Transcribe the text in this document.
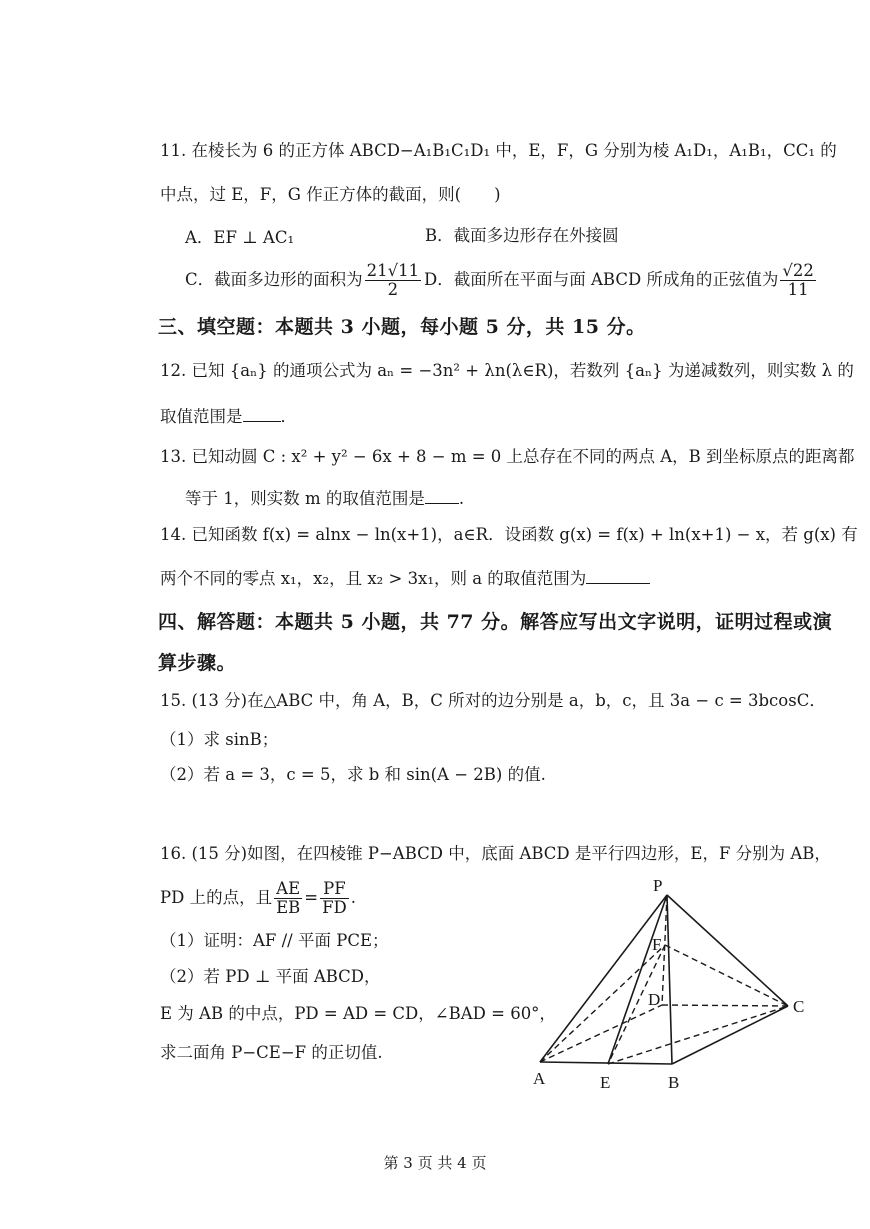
11. 在棱长为 6 的正方体 ABCD−A₁B₁C₁D₁ 中，E，F，G 分别为棱 A₁D₁，A₁B₁，CC₁ 的
中点，过 E，F，G 作正方体的截面，则(　　)
A．EF ⊥ AC₁	B．截面多边形存在外接圆
C．截面多边形的面积为 $\frac{21√11}{2}$ D．截面所在平面与面 ABCD 所成角的正弦值为 $\frac{√22}{11}$
三、填空题：本题共 3 小题，每小题 5 分，共 15 分。
12. 已知 {aₙ} 的通项公式为 aₙ = −3n² + λn(λ∈R)，若数列 {aₙ} 为递减数列，则实数 λ 的
取值范围是 ．
13. 已知动圆 C : x² + y² − 6x + 8 − m = 0 上总存在不同的两点 A，B 到坐标原点的距离都
等于 1，则实数 m 的取值范围是 .
14. 已知函数 f(x) = alnx − ln(x+1)，a∈R．设函数 g(x) = f(x) + ln(x+1) − x，若 g(x) 有
两个不同的零点 x₁，x₂，且 x₂ > 3x₁，则 a 的取值范围为
四、解答题：本题共 5 小题，共 77 分。解答应写出文字说明，证明过程或演
算步骤。
15. (13 分)在△ABC 中，角 A，B，C 所对的边分别是 a，b，c，且 3a − c = 3bcosC．
（1）求 sinB；
（2）若 a = 3，c = 5，求 b 和 sin(A − 2B) 的值.
16. (15 分)如图，在四棱锥 P−ABCD 中，底面 ABCD 是平行四边形，E，F 分别为 AB，
PD 上的点，且 $\frac{AE}{EB} = \frac{PF}{FD}$ .
（1）证明：AF // 平面 PCE；
（2）若 PD ⊥ 平面 ABCD，
E 为 AB 的中点，PD = AD = CD，∠BAD = 60°，
求二面角 P−CE−F 的正切值.
P
F
D	C
A	E	B
第 3 页 共 4 页
